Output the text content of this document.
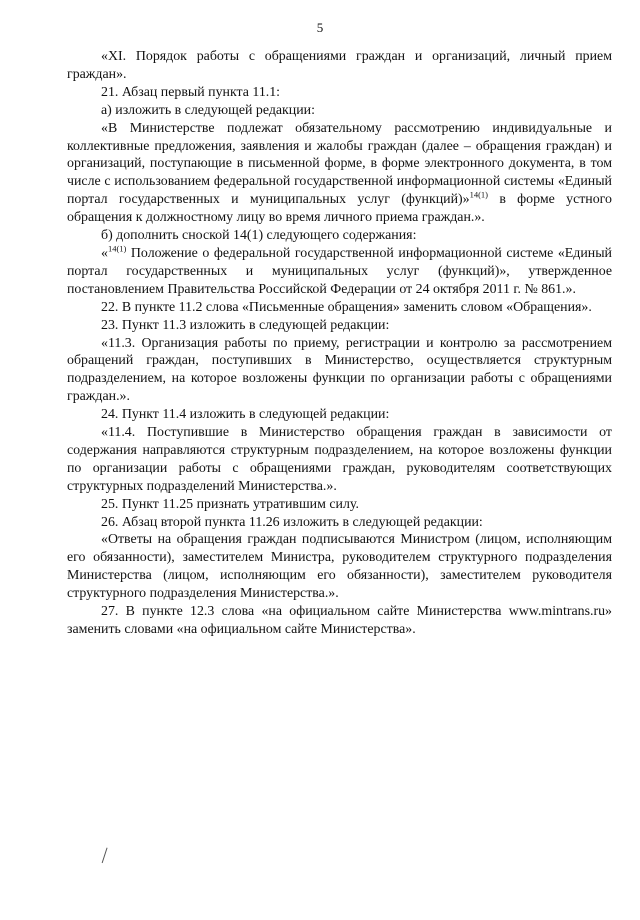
5

«XI. Порядок работы с обращениями граждан и организаций, личный прием граждан».

21. Абзац первый пункта 11.1:

а) изложить в следующей редакции:

«В Министерстве подлежат обязательному рассмотрению индивидуальные и коллективные предложения, заявления и жалобы граждан (далее – обращения граждан) и организаций, поступающие в письменной форме, в форме электронного документа, в том числе с использованием федеральной государственной информационной системы «Единый портал государственных и муниципальных услуг (функций)»$^{14(1)}$ в форме устного обращения к должностному лицу во время личного приема граждан.».

б) дополнить сноской 14(1) следующего содержания:

«$^{14(1)}$ Положение о федеральной государственной информационной системе «Единый портал государственных и муниципальных услуг (функций)», утвержденное постановлением Правительства Российской Федерации от 24 октября 2011 г. № 861.».

22. В пункте 11.2 слова «Письменные обращения» заменить словом «Обращения».

23. Пункт 11.3 изложить в следующей редакции:

«11.3. Организация работы по приему, регистрации и контролю за рассмотрением обращений граждан, поступивших в Министерство, осуществляется структурным подразделением, на которое возложены функции по организации работы с обращениями граждан.».

24. Пункт 11.4 изложить в следующей редакции:

«11.4. Поступившие в Министерство обращения граждан в зависимости от содержания направляются структурным подразделением, на которое возложены функции по организации работы с обращениями граждан, руководителям соответствующих структурных подразделений Министерства.».

25. Пункт 11.25 признать утратившим силу.

26. Абзац второй пункта 11.26 изложить в следующей редакции:

«Ответы на обращения граждан подписываются Министром (лицом, исполняющим его обязанности), заместителем Министра, руководителем структурного подразделения Министерства (лицом, исполняющим его обязанности), заместителем руководителя структурного подразделения Министерства.».

27. В пункте 12.3 слова «на официальном сайте Министерства www.mintrans.ru» заменить словами «на официальном сайте Министерства».
